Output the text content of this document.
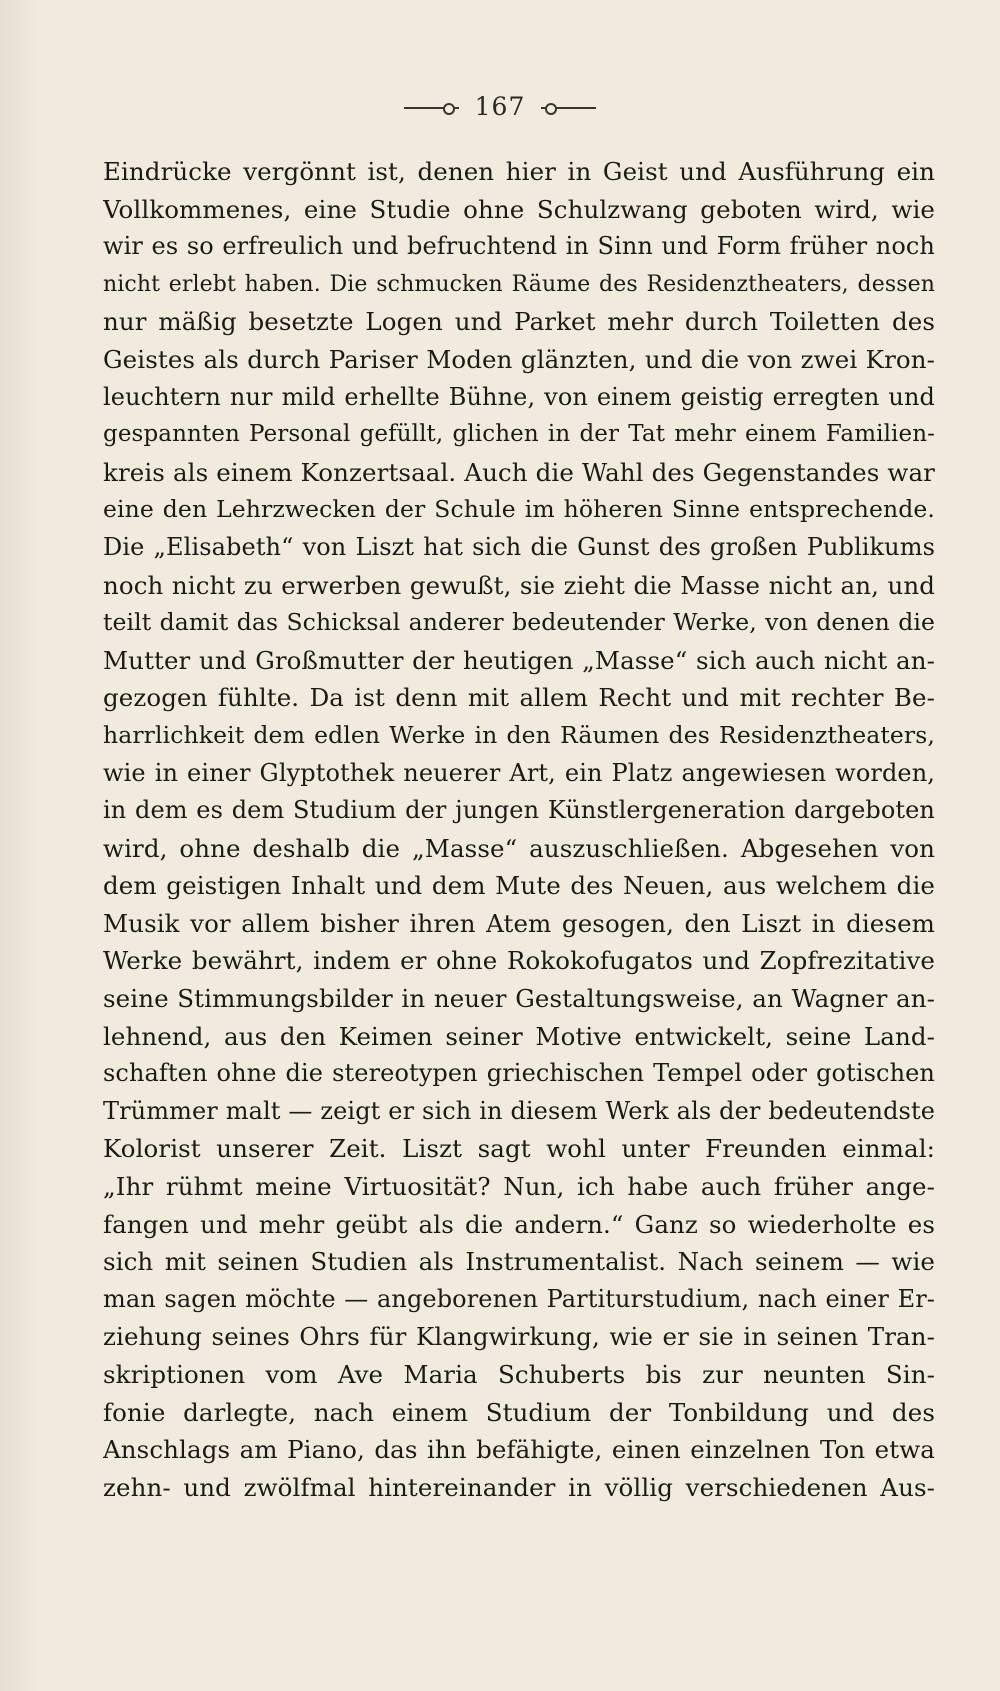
167
Eindrücke vergönnt ist, denen hier in Geist und Ausführung ein
Vollkommenes, eine Studie ohne Schulzwang geboten wird, wie
wir es so erfreulich und befruchtend in Sinn und Form früher noch
nicht erlebt haben. Die schmucken Räume des Residenztheaters, dessen
nur mäßig besetzte Logen und Parket mehr durch Toiletten des
Geistes als durch Pariser Moden glänzten, und die von zwei Kron-
leuchtern nur mild erhellte Bühne, von einem geistig erregten und
gespannten Personal gefüllt, glichen in der Tat mehr einem Familien-
kreis als einem Konzertsaal. Auch die Wahl des Gegenstandes war
eine den Lehrzwecken der Schule im höheren Sinne entsprechende.
Die „Elisabeth“ von Liszt hat sich die Gunst des großen Publikums
noch nicht zu erwerben gewußt, sie zieht die Masse nicht an, und
teilt damit das Schicksal anderer bedeutender Werke, von denen die
Mutter und Großmutter der heutigen „Masse“ sich auch nicht an-
gezogen fühlte. Da ist denn mit allem Recht und mit rechter Be-
harrlichkeit dem edlen Werke in den Räumen des Residenztheaters,
wie in einer Glyptothek neuerer Art, ein Platz angewiesen worden,
in dem es dem Studium der jungen Künstlergeneration dargeboten
wird, ohne deshalb die „Masse“ auszuschließen. Abgesehen von
dem geistigen Inhalt und dem Mute des Neuen, aus welchem die
Musik vor allem bisher ihren Atem gesogen, den Liszt in diesem
Werke bewährt, indem er ohne Rokokofugatos und Zopfrezitative
seine Stimmungsbilder in neuer Gestaltungsweise, an Wagner an-
lehnend, aus den Keimen seiner Motive entwickelt, seine Land-
schaften ohne die stereotypen griechischen Tempel oder gotischen
Trümmer malt — zeigt er sich in diesem Werk als der bedeutendste
Kolorist unserer Zeit. Liszt sagt wohl unter Freunden einmal:
„Ihr rühmt meine Virtuosität? Nun, ich habe auch früher ange-
fangen und mehr geübt als die andern.“ Ganz so wiederholte es
sich mit seinen Studien als Instrumentalist. Nach seinem — wie
man sagen möchte — angeborenen Partiturstudium, nach einer Er-
ziehung seines Ohrs für Klangwirkung, wie er sie in seinen Tran-
skriptionen vom Ave Maria Schuberts bis zur neunten Sin-
fonie darlegte, nach einem Studium der Tonbildung und des
Anschlags am Piano, das ihn befähigte, einen einzelnen Ton etwa
zehn- und zwölfmal hintereinander in völlig verschiedenen Aus-
